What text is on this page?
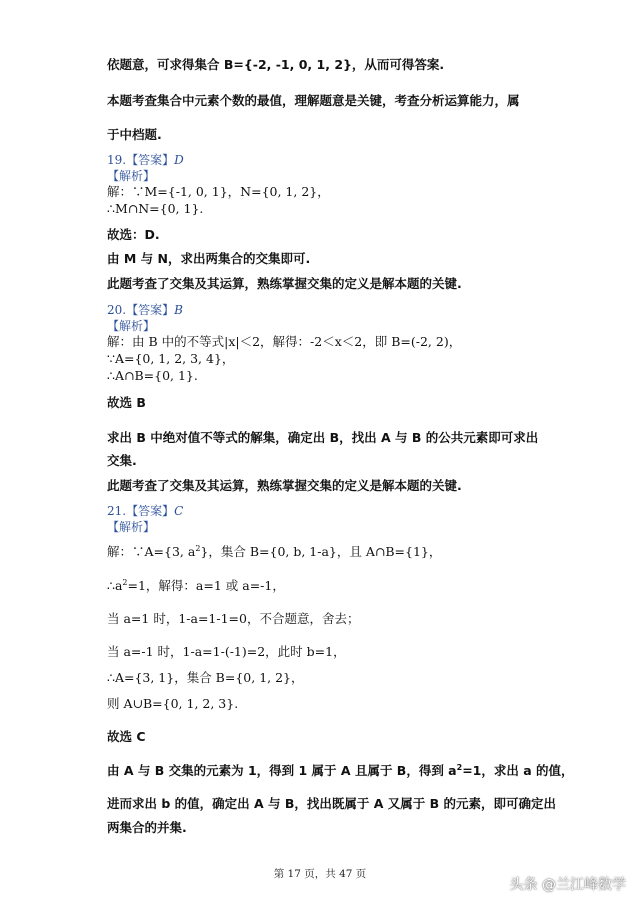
依题意，可求得集合 B={-2, -1, 0, 1, 2}，从而可得答案.
本题考查集合中元素个数的最值，理解题意是关键，考查分析运算能力，属
于中档题.
19.【答案】D
【解析】
解：∵M={-1, 0, 1}，N={0, 1, 2}，
∴M∩N={0, 1}.
故选：D.
由 M 与 N，求出两集合的交集即可.
此题考查了交集及其运算，熟练掌握交集的定义是解本题的关键.
20.【答案】B
【解析】
解：由 B 中的不等式|x|＜2，解得：-2＜x＜2，即 B=(-2, 2)，
∵A={0, 1, 2, 3, 4}，
∴A∩B={0, 1}.
故选 B
求出 B 中绝对值不等式的解集，确定出 B，找出 A 与 B 的公共元素即可求出
交集.
此题考查了交集及其运算，熟练掌握交集的定义是解本题的关键.
21.【答案】C
【解析】
解：∵A={3, $a^2$}，集合 B={0, b, 1-a}，且 A∩B={1}，
$\therefore a^2=1$，解得：a=1 或 a=-1，
当 a=1 时，1-a=1-1=0，不合题意，舍去；
当 a=-1 时，1-a=1-(-1)=2，此时 b=1，
∴A={3, 1}，集合 B={0, 1, 2}，
则 A∪B={0, 1, 2, 3}.
故选 C
由 A 与 B 交集的元素为 1，得到 1 属于 A 且属于 B，得到 $a^2=1$，求出 a 的值，
进而求出 b 的值，确定出 A 与 B，找出既属于 A 又属于 B 的元素，即可确定出
两集合的并集.
第 17 页，共 47 页
头条 @兰江峰数学
